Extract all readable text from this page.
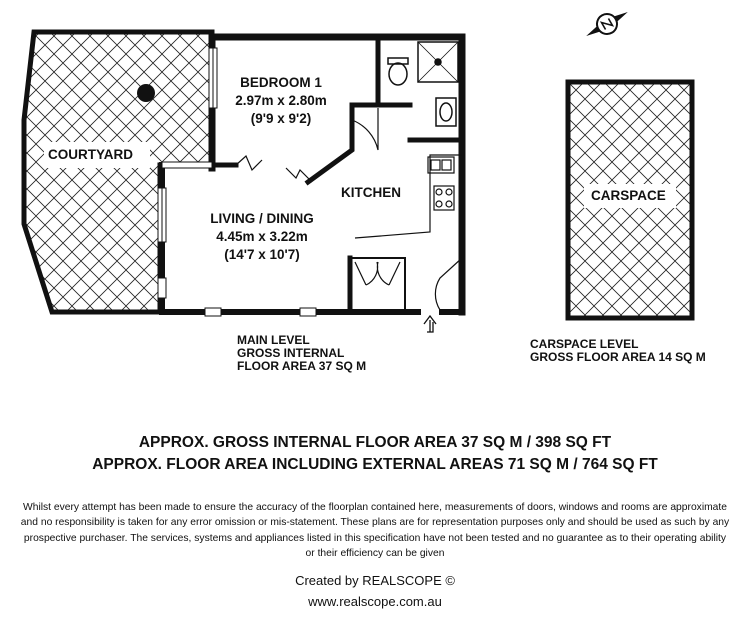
BEDROOM 1
2.97m x 2.80m
(9'9 x 9'2)
LIVING / DINING
4.45m x 3.22m
(14'7 x 10'7)
KITCHEN
COURTYARD
CARSPACE
MAIN LEVEL
GROSS INTERNAL
FLOOR AREA 37 SQ M
CARSPACE LEVEL
GROSS FLOOR AREA 14 SQ M
APPROX. GROSS INTERNAL FLOOR AREA 37 SQ M / 398 SQ FT
APPROX. FLOOR AREA INCLUDING EXTERNAL AREAS 71 SQ M / 764 SQ FT
Whilst every attempt has been made to ensure the accuracy of the floorplan contained here, measurements of doors, windows and rooms are approximate and no responsibility is taken for any error omission or mis-statement. These plans are for representation purposes only and should be used as such by any prospective purchaser. The services, systems and appliances listed in this specification have not been tested and no guarantee as to their operating ability or their efficiency can be given
Created by REALSCOPE ©
www.realscope.com.au
